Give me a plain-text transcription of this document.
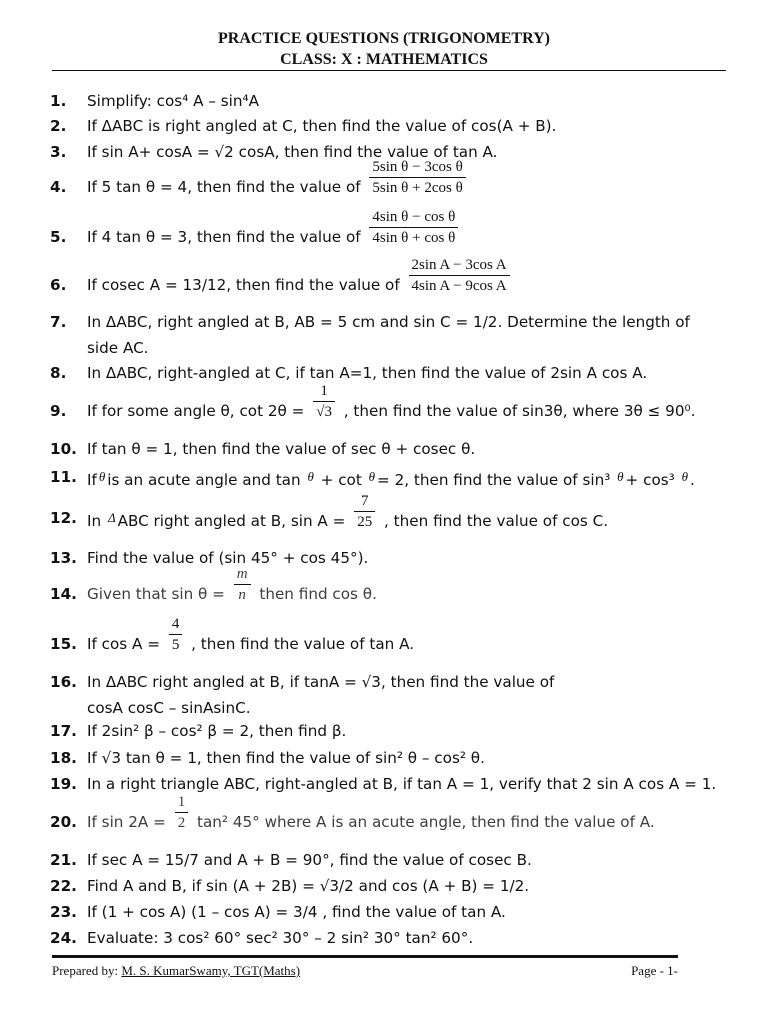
PRACTICE QUESTIONS (TRIGONOMETRY)
CLASS: X : MATHEMATICS
1. Simplify: cos⁴ A – sin⁴A
2. If ΔABC is right angled at C, then find the value of cos(A + B).
3. If sin A+ cosA = √2 cosA, then find the value of tan A.
4. If 5 tan θ = 4, then find the value of $\frac{\text{5sin θ − 3cos θ}}{\text{5sin θ + 2cos θ}}$
5. If 4 tan θ = 3, then find the value of $\frac{\text{4sin θ − cos θ}}{\text{4sin θ + cos θ}}$
6. If cosec A = 13/12, then find the value of $\frac{\text{2sin A − 3cos A}}{\text{4sin A − 9cos A}}$
7. In ΔABC, right angled at B, AB = 5 cm and sin C = 1/2. Determine the length of
side AC.
8. In ΔABC, right-angled at C, if tan A=1, then find the value of 2sin A cos A.
9. If for some angle θ, $\cot 2\theta = \frac{1}{√3}$ , then find the value of sin3θ, where 3θ ≤ 90⁰.
10. If tan θ = 1, then find the value of sec θ + cosec θ.
11. If θ is an acute angle and tan θ + cot θ = 2, then find the value of sin³ θ + cos³ θ .
12. In Δ ABC right angled at B, $\sin A = \frac{7}{25}$ , then find the value of cos C.
13. Find the value of (sin 45° + cos 45°).
14. Given that $\sin \theta = \frac{m}{n}$ then find cos θ.
15. If $\cos A = \frac{4}{5}$ , then find the value of tan A.
16. In ΔABC right angled at B, if tanA = √3, then find the value of
cosA cosC – sinAsinC.
17. If 2sin² β – cos² β = 2, then find β.
18. If √3 tan θ = 1, then find the value of sin² θ – cos² θ.
19. In a right triangle ABC, right-angled at B, if tan A = 1, verify that 2 sin A cos A = 1.
20. If $\sin 2A = \frac{1}{2} \tan^2$ 45° where A is an acute angle, then find the value of A.
21. If sec A = 15/7 and A + B = 90°, find the value of cosec B.
22. Find A and B, if sin (A + 2B) = √3/2 and cos (A + B) = 1/2.
23. If (1 + cos A) (1 – cos A) = 3/4 , find the value of tan A.
24. Evaluate: 3 cos² 60° sec² 30° – 2 sin² 30° tan² 60°.
Prepared by: M. S. KumarSwamy, TGT(Maths)	Page - 1-
